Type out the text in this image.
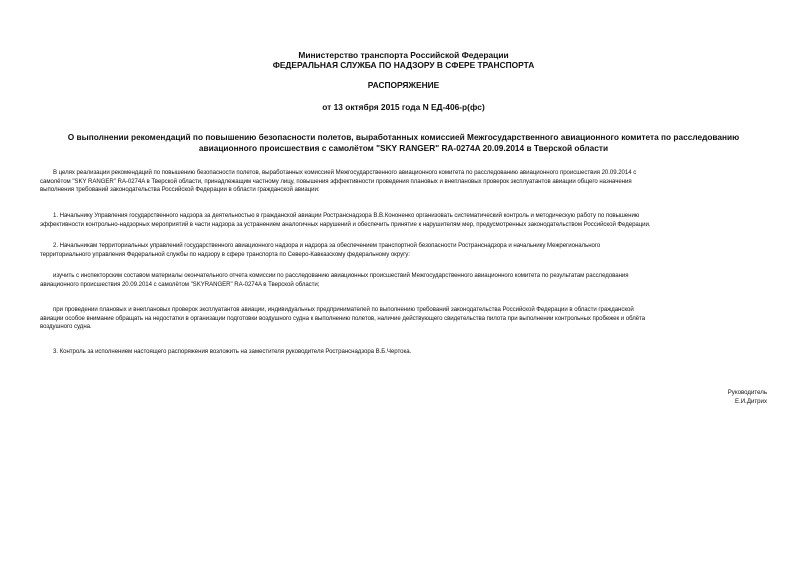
Министерство транспорта Российской Федерации
ФЕДЕРАЛЬНАЯ СЛУЖБА ПО НАДЗОРУ В СФЕРЕ ТРАНСПОРТА
РАСПОРЯЖЕНИЕ
от 13 октября 2015 года N ЕД-406-р(фс)
О выполнении рекомендаций по повышению безопасности полетов, выработанных комиссией Межгосударственного авиационного комитета по расследованию
авиационного происшествия с самолётом "SKY RANGER" RA-0274A 20.09.2014 в Тверской области
В целях реализации рекомендаций по повышению безопасности полетов, выработанных комиссией Межгосударственного авиационного комитета по расследованию авиационного происшествия 20.09.2014 с
самолётом "SKY RANGER" RA-0274A в Тверской области, принадлежащим частному лицу, повышения эффективности проведения плановых и внеплановых проверок эксплуатантов авиации общего назначения
выполнения требований законодательства Российской Федерации в области гражданской авиации:
1. Начальнику Управления государственного надзора за деятельностью в гражданской авиации Ространснадзора В.В.Кононенко организовать систематический контроль и методическую работу по повышению
эффективности контрольно-надзорных мероприятий в части надзора за устранением аналогичных нарушений и обеспечить принятие к нарушителям мер, предусмотренных законодательством Российской Федерации.
2. Начальникам территориальных управлений государственного авиационного надзора и надзора за обеспечением транспортной безопасности Ространснадзора и начальнику Межрегионального
территориального управления Федеральной службы по надзору в сфере транспорта по Северо-Кавказскому федеральному округу:
изучить с инспекторским составом материалы окончательного отчета комиссии по расследованию авиационных происшествий Межгосударственного авиационного комитета по результатам расследования
авиационного происшествия 20.09.2014 с самолётом "SKYRANGER" RA-0274A в Тверской области;
при проведении плановых и внеплановых проверок эксплуатантов авиации, индивидуальных предпринимателей по выполнению требований законодательства Российской Федерации в области гражданской
авиации особое внимание обращать на недостатки в организации подготовки воздушного судна к выполнению полетов, наличие действующего свидетельства пилота при выполнении контрольных пробежек и облёта
воздушного судна.
3. Контроль за исполнением настоящего распоряжения возложить на заместителя руководителя Ространснадзора В.Б.Чертока.
Руководитель
Е.И.Дитрих
